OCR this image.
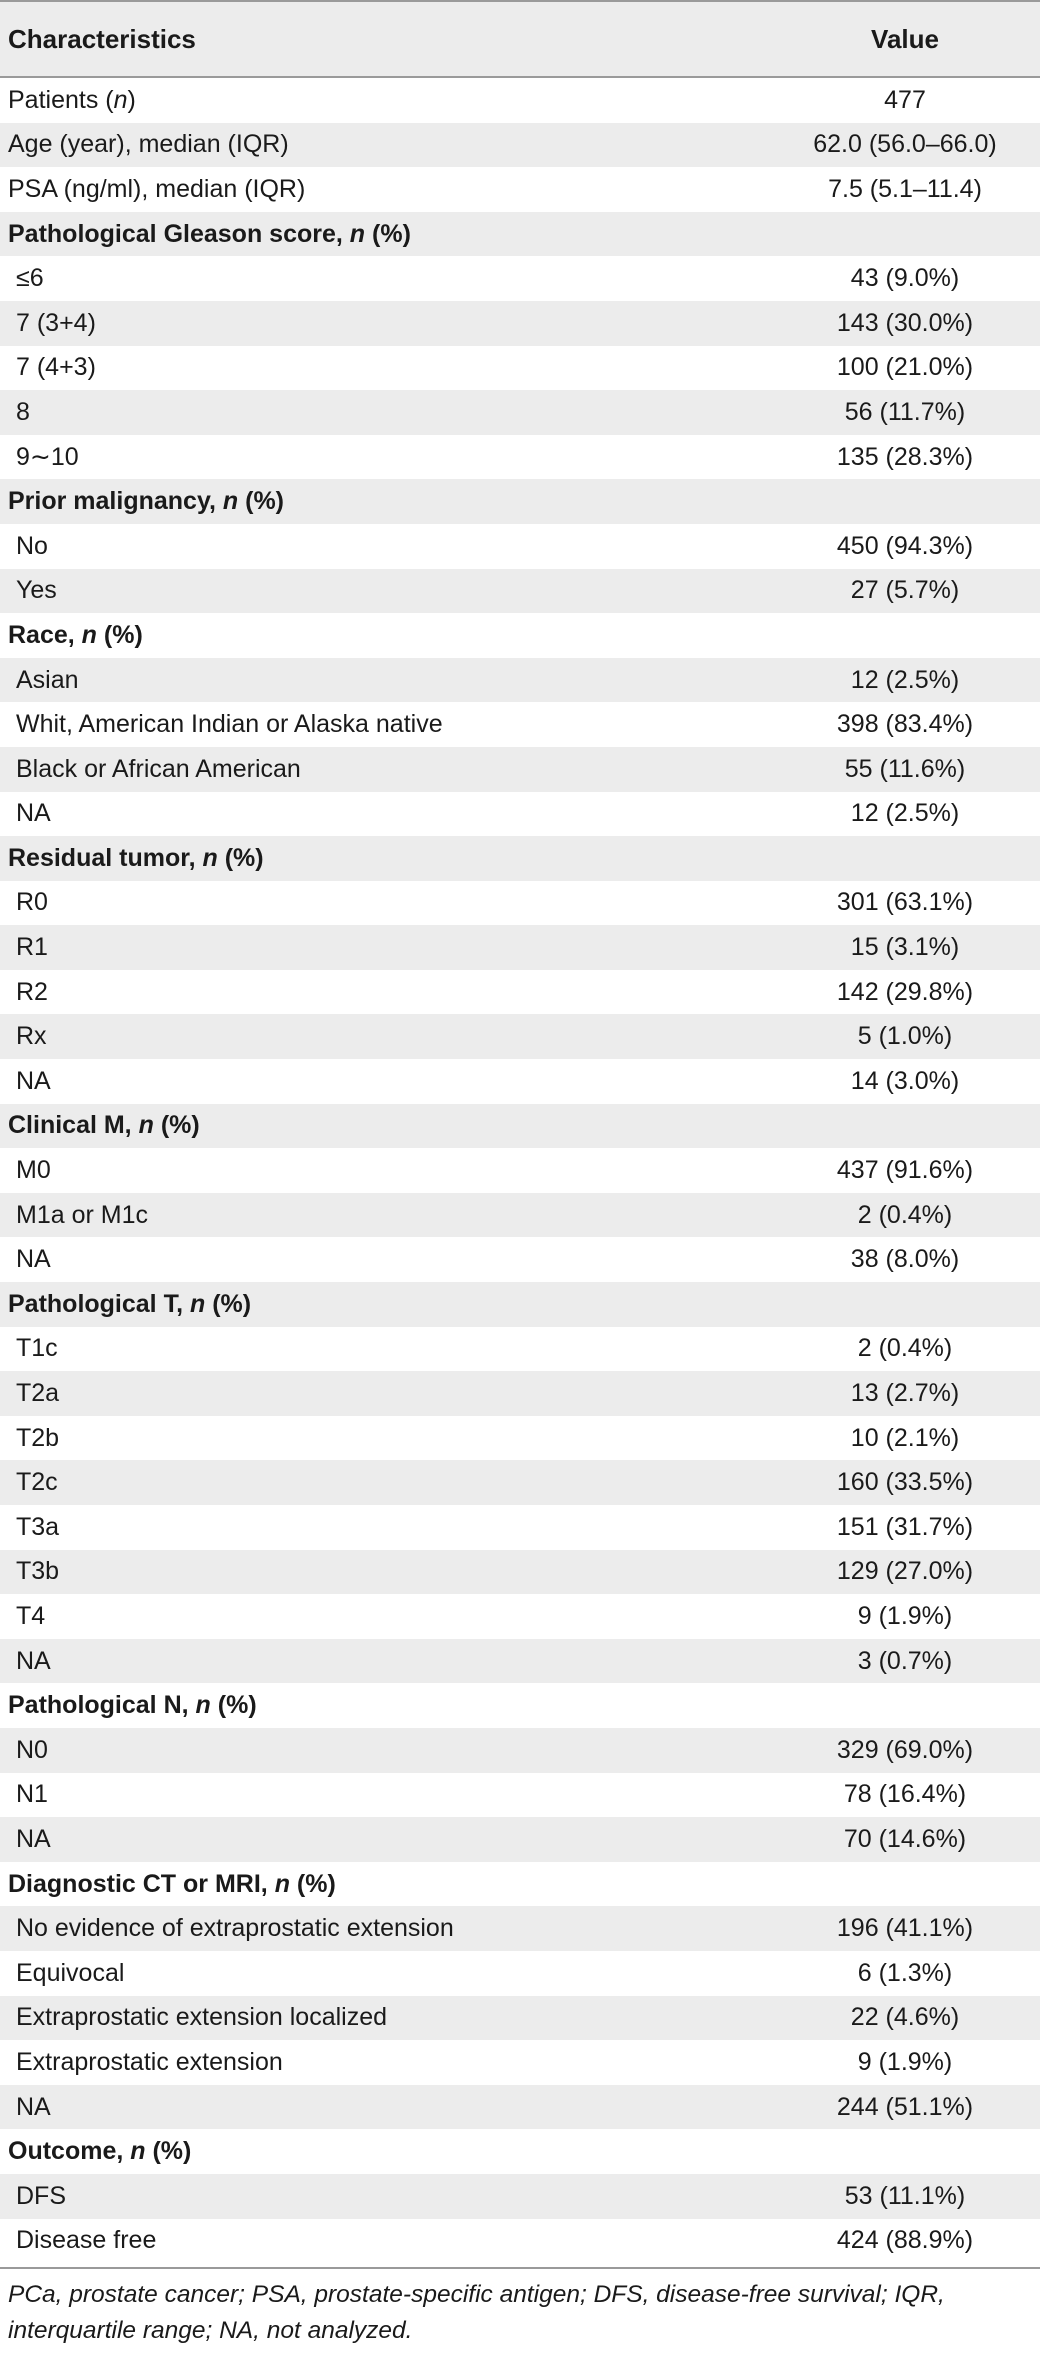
Characteristics	Value
Patients (n)	477
Age (year), median (IQR)	62.0 (56.0–66.0)
PSA (ng/ml), median (IQR)	7.5 (5.1–11.4)
Pathological Gleason score, n (%)
≤6	43 (9.0%)
7 (3+4)	143 (30.0%)
7 (4+3)	100 (21.0%)
8	56 (11.7%)
9∼10	135 (28.3%)
Prior malignancy, n (%)
No	450 (94.3%)
Yes	27 (5.7%)
Race, n (%)
Asian	12 (2.5%)
Whit, American Indian or Alaska native	398 (83.4%)
Black or African American	55 (11.6%)
NA	12 (2.5%)
Residual tumor, n (%)
R0	301 (63.1%)
R1	15 (3.1%)
R2	142 (29.8%)
Rx	5 (1.0%)
NA	14 (3.0%)
Clinical M, n (%)
M0	437 (91.6%)
M1a or M1c	2 (0.4%)
NA	38 (8.0%)
Pathological T, n (%)
T1c	2 (0.4%)
T2a	13 (2.7%)
T2b	10 (2.1%)
T2c	160 (33.5%)
T3a	151 (31.7%)
T3b	129 (27.0%)
T4	9 (1.9%)
NA	3 (0.7%)
Pathological N, n (%)
N0	329 (69.0%)
N1	78 (16.4%)
NA	70 (14.6%)
Diagnostic CT or MRI, n (%)
No evidence of extraprostatic extension	196 (41.1%)
Equivocal	6 (1.3%)
Extraprostatic extension localized	22 (4.6%)
Extraprostatic extension	9 (1.9%)
NA	244 (51.1%)
Outcome, n (%)
DFS	53 (11.1%)
Disease free	424 (88.9%)
PCa, prostate cancer; PSA, prostate-specific antigen; DFS, disease-free survival; IQR, interquartile range; NA, not analyzed.
